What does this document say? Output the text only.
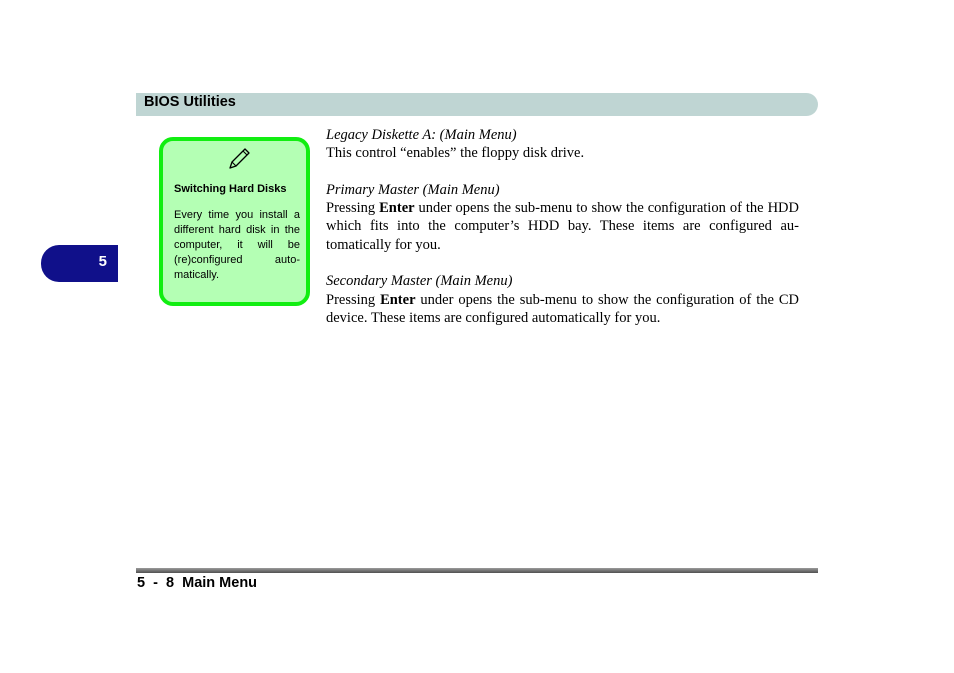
BIOS Utilities
5
Switching Hard Disks
Every time you install a different hard disk in the computer, it will be (re)configured auto-matically.

Legacy Diskette A: (Main Menu)

This control “enables” the floppy disk drive.

Primary Master (Main Menu)

Pressing Enter under opens the sub-menu to show the configuration of the HDD which fits into the computer’s HDD bay. These items are configured au-tomatically for you.

Secondary Master (Main Menu)

Pressing Enter under opens the sub-menu to show the configuration of the CD device. These items are configured automatically for you.

5  -  8  Main Menu
